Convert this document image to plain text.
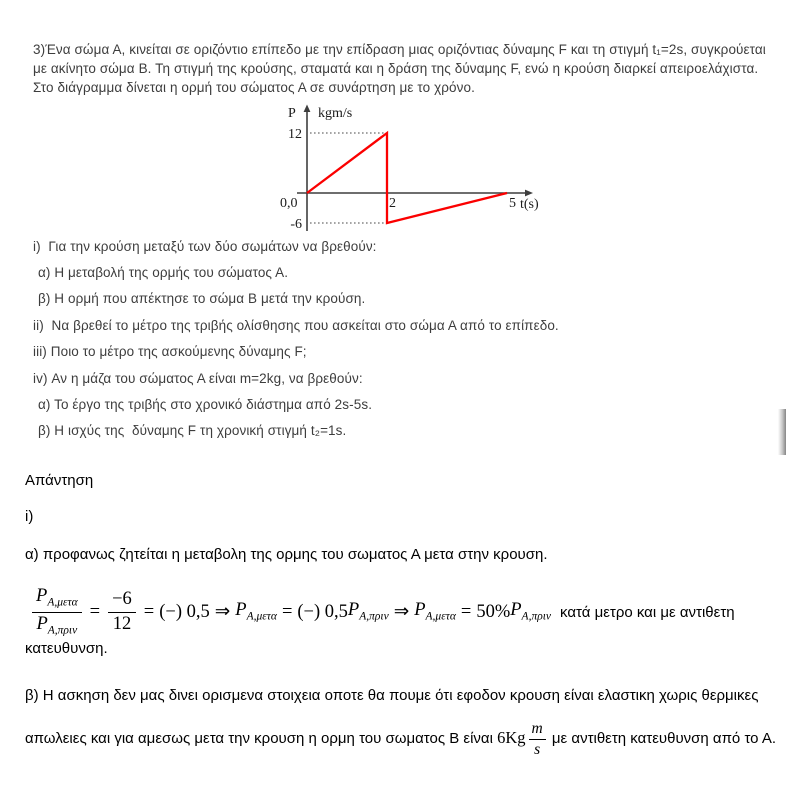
3)Ένα σώμα Α, κινείται σε οριζόντιο επίπεδο με την επίδραση μιας οριζόντιας δύναμης F και τη στιγμή t₁=2s, συγκρούεται με ακίνητο σώμα Β. Τη στιγμή της κρούσης, σταματά και η δράση της δύναμης F, ενώ η κρούση διαρκεί απειροελάχιστα. Στο διάγραμμα δίνεται η ορμή του σώματος Α σε συνάρτηση με το χρόνο.

P kgm/s
0,0	t(s)
2	5
12
-6
i)  Για την κρούση μεταξύ των δύο σωμάτων να βρεθούν:
α) Η μεταβολή της ορμής του σώματος Α.
β) Η ορμή που απέκτησε το σώμα Β μετά την κρούση.
ii)  Να βρεθεί το μέτρο της τριβής ολίσθησης που ασκείται στο σώμα Α από το επίπεδο.
iii) Ποιο το μέτρο της ασκούμενης δύναμης F;
iv) Αν η μάζα του σώματος Α είναι m=2kg, να βρεθούν:
α) Το έργο της τριβής στο χρονικό διάστημα από 2s-5s.
β) Η ισχύς της  δύναμης F τη χρονική στιγμή t₂=1s.
Απάντηση
i)
α) προφανως ζητείται η μεταβολη της ορμης του σωματος Α μετα στην κρουση.
$\frac{P_{A,\mu\varepsilon\tau\alpha}}{P_{A,\pi\rho\iota\nu}} = \frac{-6}{12}$ = (−) 0,5 ⇒ $P_{A,\mu\varepsilon\tau\alpha}$ = (−) 0,5 $P_{A,\pi\rho\iota\nu}$ ⇒ $P_{A,\mu\varepsilon\tau\alpha} = 50\%$ $P_{A,\pi\rho\iota\nu}$ κατά μετρο και με αντιθετη
κατευθυνση.

β) Η ασκηση δεν μας δινει ορισμενα στοιχεια οποτε θα πουμε ότι εφοδον κρουση είναι ελαστικη χωρις θερμικες απωλειες και για αμεσως μετα την κρουση η ορμη του σωματος Β είναι $6Kg \frac{m}{s}$ με αντιθετη κατευθυνση από το Α.
